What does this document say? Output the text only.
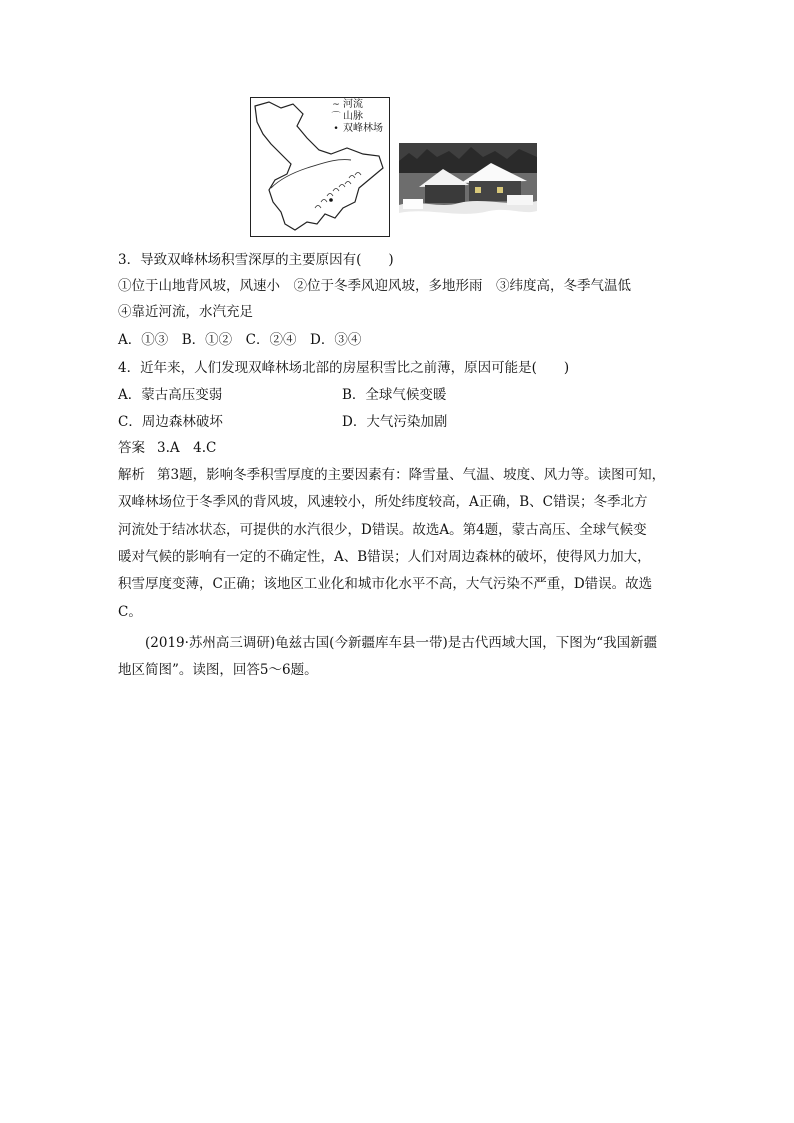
~ 河流
⌒ 山脉
• 双峰林场
3．导致双峰林场积雪深厚的主要原因有(　　)
①位于山地背风坡，风速小　②位于冬季风迎风坡，多地形雨　③纬度高，冬季气温低
④靠近河流，水汽充足
A．①③　B．①②　C．②④　D．③④
4．近年来，人们发现双峰林场北部的房屋积雪比之前薄，原因可能是(　　)
A．蒙古高压变弱	B．全球气候变暖
C．周边森林破坏	D．大气污染加剧
答案 3.A　4.C
解析 第3题，影响冬季积雪厚度的主要因素有：降雪量、气温、坡度、风力等。读图可知，
双峰林场位于冬季风的背风坡，风速较小，所处纬度较高，A正确，B、C错误；冬季北方
河流处于结冰状态，可提供的水汽很少，D错误。故选A。第4题，蒙古高压、全球气候变
暖对气候的影响有一定的不确定性，A、B错误；人们对周边森林的破坏，使得风力加大，
积雪厚度变薄，C正确；该地区工业化和城市化水平不高，大气污染不严重，D错误。故选
C。
(2019·苏州高三调研)龟兹古国(今新疆库车县一带)是古代西域大国，下图为“我国新疆
地区简图”。读图，回答5～6题。
